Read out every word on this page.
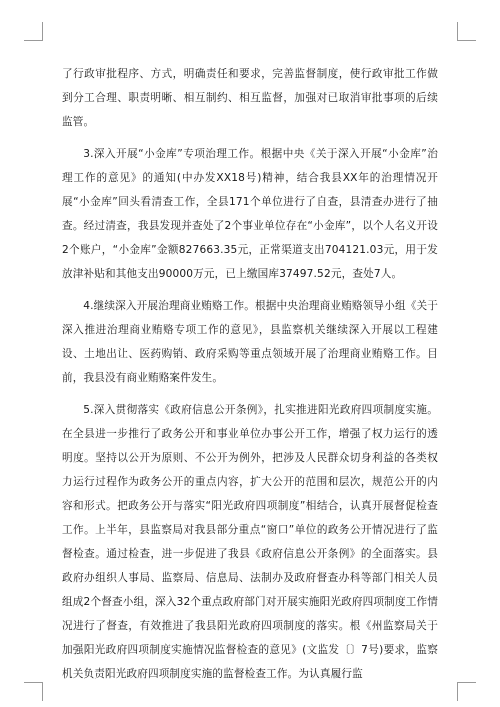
了行政审批程序、方式，明确责任和要求，完善监督制度，使行政审批工作做到分工合理、职责明晰、相互制约、相互监督，加强对已取消审批事项的后续监管。

3.深入开展“小金库”专项治理工作。根据中央《关于深入开展“小金库”治理工作的意见》的通知(中办发XX18号)精神，结合我县XX年的治理情况开展“小金库”回头看清查工作，全县171个单位进行了自查，县清查办进行了抽查。经过清查，我县发现并查处了2个事业单位存在“小金库”，以个人名义开设2个账户，“小金库”金额827663.35元，正常渠道支出704121.03元，用于发放津补贴和其他支出90000万元，已上缴国库37497.52元，查处7人。

4.继续深入开展治理商业贿赂工作。根据中央治理商业贿赂领导小组《关于深入推进治理商业贿赂专项工作的意见》，县监察机关继续深入开展以工程建设、土地出让、医药购销、政府采购等重点领域开展了治理商业贿赂工作。目前，我县没有商业贿赂案件发生。

5.深入贯彻落实《政府信息公开条例》，扎实推进阳光政府四项制度实施。在全县进一步推行了政务公开和事业单位办事公开工作，增强了权力运行的透明度。坚持以公开为原则、不公开为例外，把涉及人民群众切身利益的各类权力运行过程作为政务公开的重点内容，扩大公开的范围和层次，规范公开的内容和形式。把政务公开与落实“阳光政府四项制度”相结合，认真开展督促检查工作。上半年，县监察局对我县部分重点“窗口”单位的政务公开情况进行了监督检查。通过检查，进一步促进了我县《政府信息公开条例》的全面落实。县政府办组织人事局、监察局、信息局、法制办及政府督查办科等部门相关人员组成2个督查小组，深入32个重点政府部门对开展实施阳光政府四项制度工作情况进行了督查，有效推进了我县阳光政府四项制度的落实。根《州监察局关于加强阳光政府四项制度实施情况监督检查的意见》(文监发〔〕7号)要求，监察机关负责阳光政府四项制度实施的监督检查工作。为认真履行监
